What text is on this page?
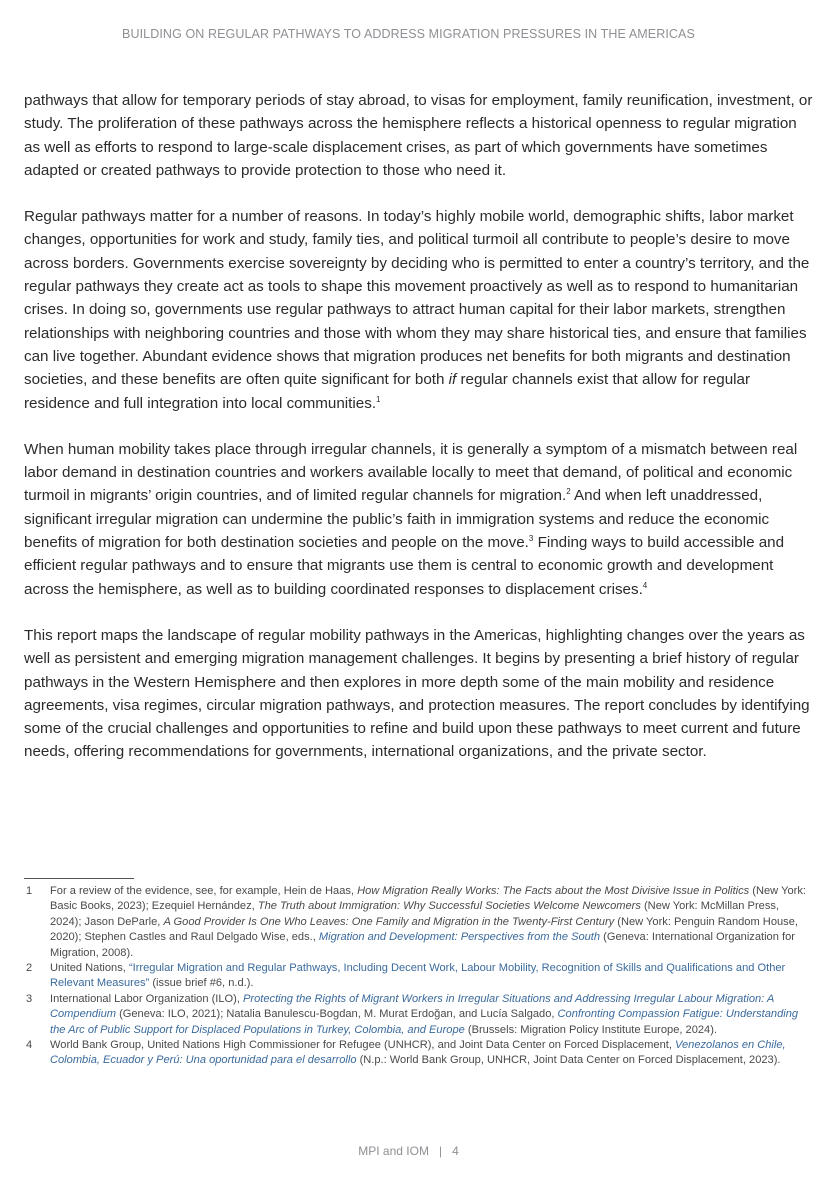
BUILDING ON REGULAR PATHWAYS TO ADDRESS MIGRATION PRESSURES IN THE AMERICAS

pathways that allow for temporary periods of stay abroad, to visas for employment, family reunification, investment, or study. The proliferation of these pathways across the hemisphere reflects a historical openness to regular migration as well as efforts to respond to large-scale displacement crises, as part of which governments have sometimes adapted or created pathways to provide protection to those who need it.

Regular pathways matter for a number of reasons. In today’s highly mobile world, demographic shifts, labor market changes, opportunities for work and study, family ties, and political turmoil all contribute to people’s desire to move across borders. Governments exercise sovereignty by deciding who is permitted to enter a country’s territory, and the regular pathways they create act as tools to shape this movement proactively as well as to respond to humanitarian crises. In doing so, governments use regular pathways to attract human capital for their labor markets, strengthen relationships with neighboring countries and those with whom they may share historical ties, and ensure that families can live together. Abundant evidence shows that migration produces net benefits for both migrants and destination societies, and these benefits are often quite significant for both if regular channels exist that allow for regular residence and full integration into local communities.$^1$

When human mobility takes place through irregular channels, it is generally a symptom of a mismatch between real labor demand in destination countries and workers available locally to meet that demand, of political and economic turmoil in migrants’ origin countries, and of limited regular channels for migration.$^2$ And when left unaddressed, significant irregular migration can undermine the public’s faith in immigration systems and reduce the economic benefits of migration for both destination societies and people on the move.$^3$ Finding ways to build accessible and efficient regular pathways and to ensure that migrants use them is central to economic growth and development across the hemisphere, as well as to building coordinated responses to displacement crises.$^4$

This report maps the landscape of regular mobility pathways in the Americas, highlighting changes over the years as well as persistent and emerging migration management challenges. It begins by presenting a brief history of regular pathways in the Western Hemisphere and then explores in more depth some of the main mobility and residence agreements, visa regimes, circular migration pathways, and protection measures. The report concludes by identifying some of the crucial challenges and opportunities to refine and build upon these pathways to meet current and future needs, offering recommendations for governments, international organizations, and the private sector.

1	For a review of the evidence, see, for example, Hein de Haas, How Migration Really Works: The Facts about the Most Divisive Issue in Politics (New York: Basic Books, 2023); Ezequiel Hernández, The Truth about Immigration: Why Successful Societies Welcome Newcomers (New York: McMillan Press, 2024); Jason DeParle, A Good Provider Is One Who Leaves: One Family and Migration in the Twenty-First Century (New York: Penguin Random House, 2020); Stephen Castles and Raul Delgado Wise, eds., Migration and Development: Perspectives from the South (Geneva: International Organization for Migration, 2008).
2	United Nations, “Irregular Migration and Regular Pathways, Including Decent Work, Labour Mobility, Recognition of Skills and Qualifications and Other Relevant Measures” (issue brief #6, n.d.).
3	International Labor Organization (ILO), Protecting the Rights of Migrant Workers in Irregular Situations and Addressing Irregular Labour Migration: A Compendium (Geneva: ILO, 2021); Natalia Banulescu-Bogdan, M. Murat Erdoğan, and Lucía Salgado, Confronting Compassion Fatigue: Understanding the Arc of Public Support for Displaced Populations in Turkey, Colombia, and Europe (Brussels: Migration Policy Institute Europe, 2024).
4	World Bank Group, United Nations High Commissioner for Refugee (UNHCR), and Joint Data Center on Forced Displacement, Venezolanos en Chile, Colombia, Ecuador y Perú: Una oportunidad para el desarrollo (N.p.: World Bank Group, UNHCR, Joint Data Center on Forced Displacement, 2023).
MPI and IOM | 4
